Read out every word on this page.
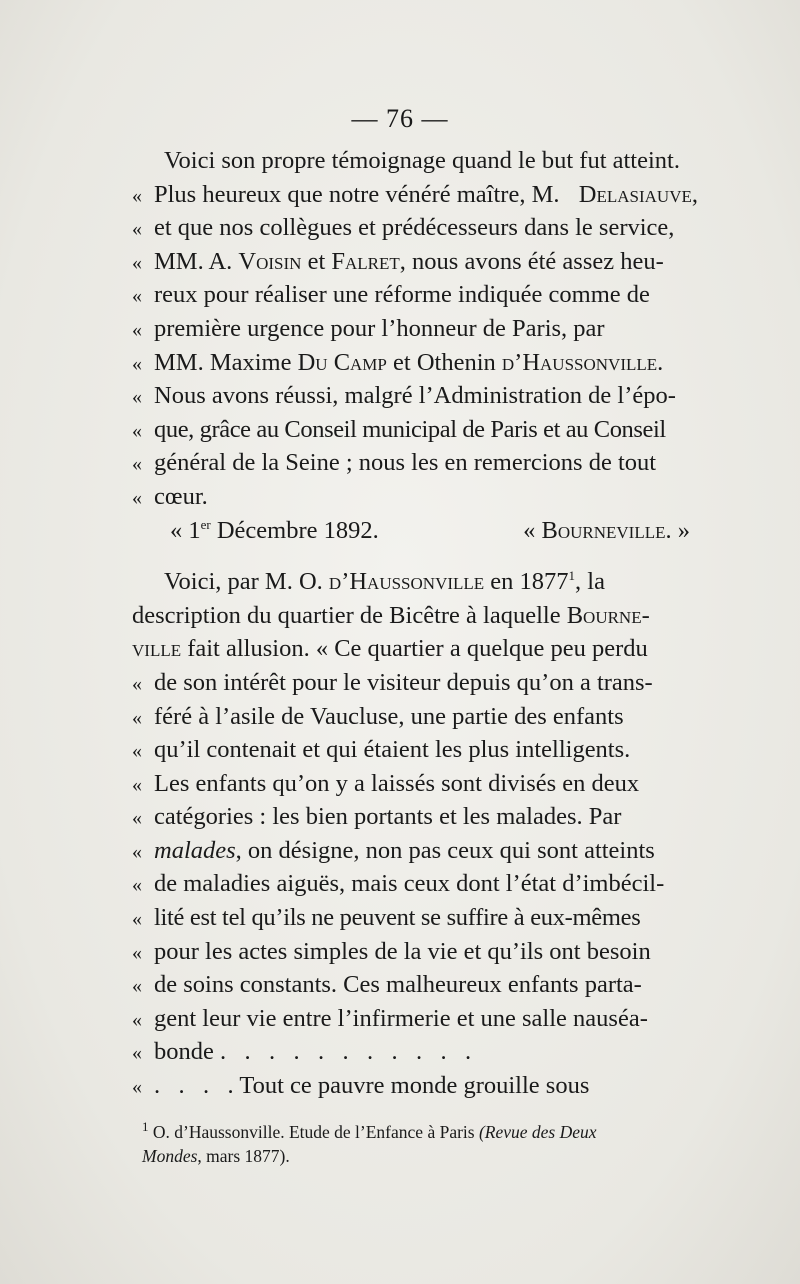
— 76 —
Voici son propre témoignage quand le but fut atteint.
« Plus heureux que notre vénéré maître, M. Delasiauve,
« et que nos collègues et prédécesseurs dans le service,
« MM. A. Voisin et Falret, nous avons été assez heu-
« reux pour réaliser une réforme indiquée comme de
« première urgence pour l’honneur de Paris, par
« MM. Maxime Du Camp et Othenin d’Haussonville.
« Nous avons réussi, malgré l’Administration de l’épo-
« que, grâce au Conseil municipal de Paris et au Conseil
« général de la Seine ; nous les en remercions de tout
« cœur.
« 1er Décembre 1892.	« Bourneville. »
Voici, par M. O. d’Haussonville en 1877$^1$, la
description du quartier de Bicêtre à laquelle Bourne-
ville fait allusion. « Ce quartier a quelque peu perdu
« de son intérêt pour le visiteur depuis qu’on a trans-
« féré à l’asile de Vaucluse, une partie des enfants
« qu’il contenait et qui étaient les plus intelligents.
« Les enfants qu’on y a laissés sont divisés en deux
« catégories : les bien portants et les malades. Par
« malades, on désigne, non pas ceux qui sont atteints
« de maladies aiguës, mais ceux dont l’état d’imbécil-
« lité est tel qu’ils ne peuvent se suffire à eux-mêmes
« pour les actes simples de la vie et qu’ils ont besoin
« de soins constants. Ces malheureux enfants parta-
« gent leur vie entre l’infirmerie et une salle nauséa-
« bonde .   .   .   .   .   .   .   .   .   .   .
« .   .   .   . Tout ce pauvre monde grouille sous
$^1$ O. d’Haussonville. Etude de l’Enfance à Paris (Revue des Deux
Mondes, mars 1877).
